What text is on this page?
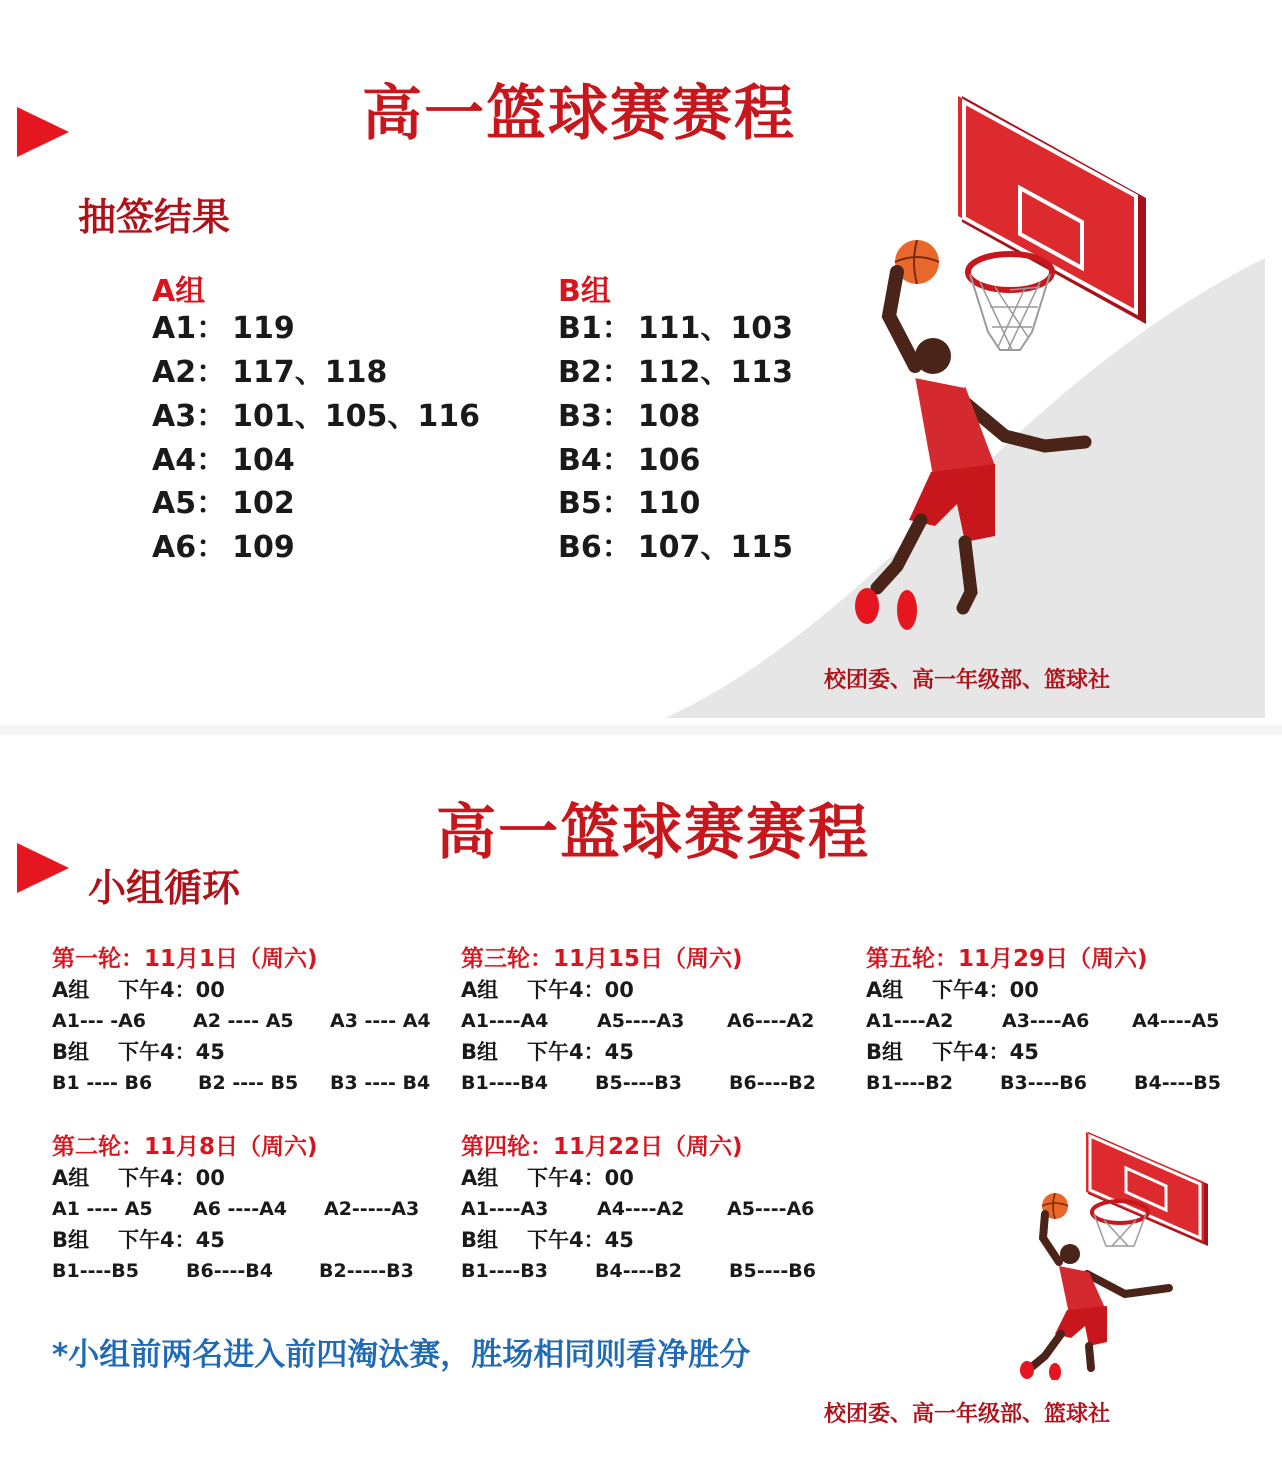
高一篮球赛赛程
抽签结果
A组
A1： 119
A2： 117、118
A3： 101、105、116
A4： 104
A5： 102
A6： 109
B组
B1： 111、103
B2： 112、113
B3： 108
B4： 106
B5： 110
B6： 107、115
校团委、高一年级部、篮球社
高一篮球赛赛程
小组循环
第一轮：11月1日（周六)
A组 下午4：00
A1--- -A6 A2 ---- A5 A3 ---- A4
B组 下午4：45
B1 ---- B6 B2 ---- B5 B3 ---- B4
第二轮：11月8日（周六)
A组 下午4：00
A1 ---- A5 A6 ----A4 A2-----A3
B组 下午4：45
B1----B5 B6----B4 B2-----B3
第三轮：11月15日（周六)
A组 下午4：00
A1----A4	A5----A3 A6----A2
B组 下午4：45
B1----B4 B5----B3 B6----B2
第四轮：11月22日（周六)
A组 下午4：00
A1----A3	A4----A2 A5----A6
B组 下午4：45
B1----B3 B4----B2 B5----B6
第五轮：11月29日（周六)
A组 下午4：00
A1----A2	A3----A6 A4----A5
B组 下午4：45
B1----B2 B3----B6 B4----B5
*小组前两名进入前四淘汰赛，胜场相同则看净胜分
校团委、高一年级部、篮球社
